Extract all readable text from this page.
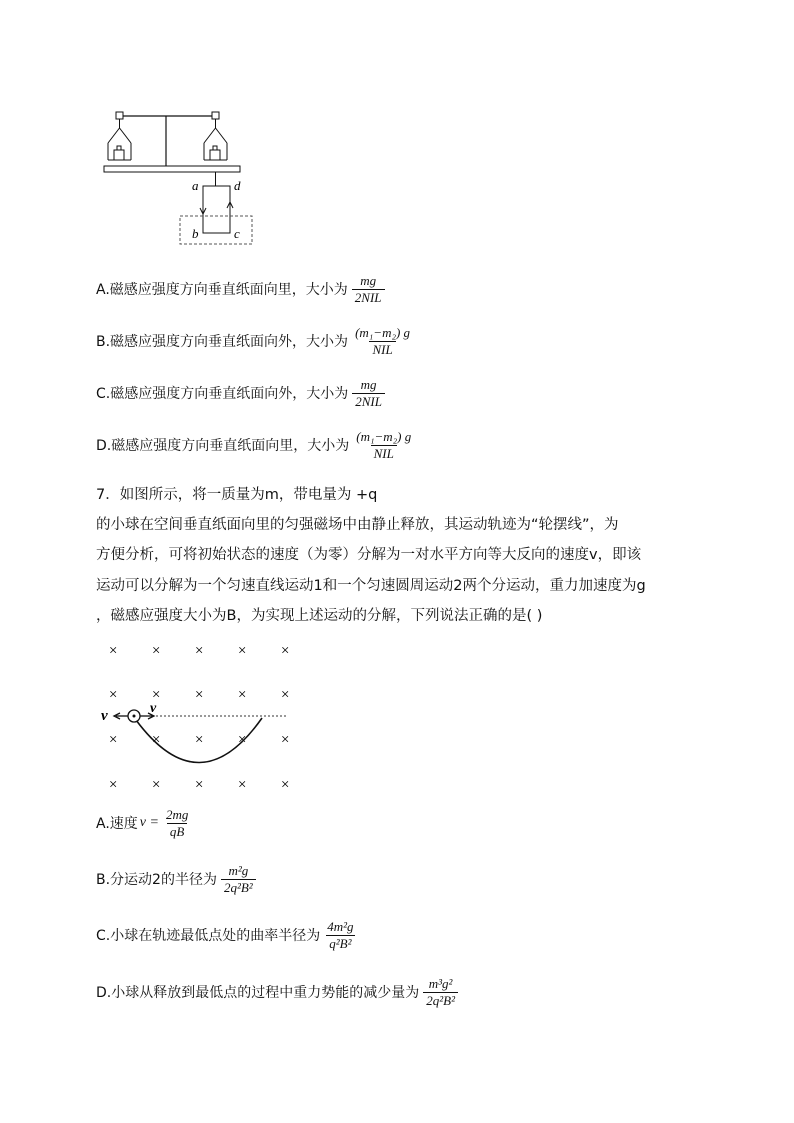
a	d
b	c
A.磁感应强度方向垂直纸面向里，大小为 $\frac{mg}{\text{2NIL}}$
B.磁感应强度方向垂直纸面向外，大小为 $\frac{\text{(m₁−m₂) g}}{\text{NIL}}$
C.磁感应强度方向垂直纸面向外，大小为 $\frac{mg}{\text{2NIL}}$
D.磁感应强度方向垂直纸面向里，大小为 $\frac{\text{(m₁−m₂) g}}{\text{NIL}}$
7．如图所示，将一质量为m，带电量为 +q
的小球在空间垂直纸面向里的匀强磁场中由静止释放，其运动轨迹为“轮摆线”，为
方便分析，可将初始状态的速度（为零）分解为一对水平方向等大反向的速度v，即该
运动可以分解为一个匀速直线运动1和一个匀速圆周运动2两个分运动，重力加速度为g
，磁感应强度大小为B，为实现上述运动的分解，下列说法正确的是( )
× × × × ×
× × × ×
× × × × ×
× × × × ×
×
v	v
A.速度 $v = \frac{2mg}{qB}$
B.分运动2的半径为 $\frac{\text{m²g}}{\text{2q²B²}}$
C.小球在轨迹最低点处的曲率半径为 $\frac{\text{4m²g}}{\text{q²B²}}$
D.小球从释放到最低点的过程中重力势能的减少量为 $\frac{\text{m³g²}}{\text{2q²B²}}$
